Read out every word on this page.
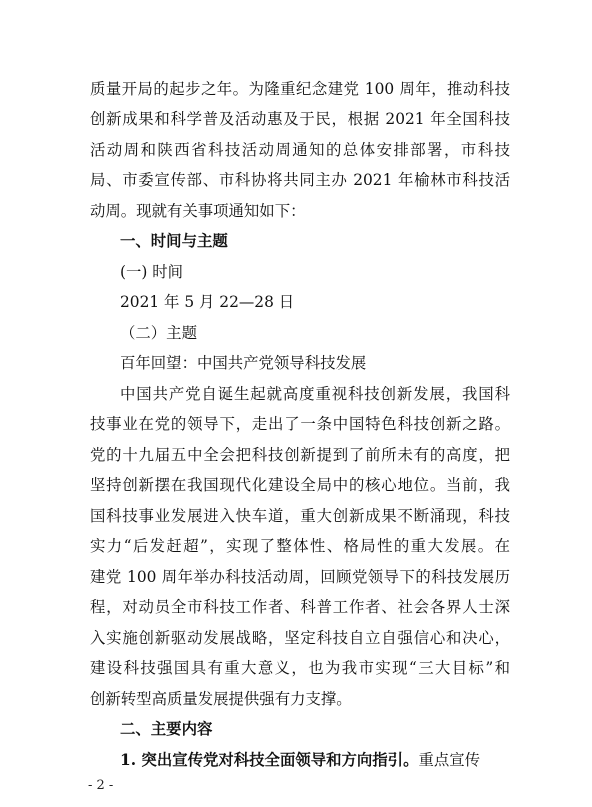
质量开局的起步之年。为隆重纪念建党 100 周年，推动科技
创新成果和科学普及活动惠及于民，根据 2021 年全国科技
活动周和陕西省科技活动周通知的总体安排部署，市科技
局、市委宣传部、市科协将共同主办 2021 年榆林市科技活
动周。现就有关事项通知如下：
一、时间与主题
(一) 时间
2021 年 5 月 22—28 日
（二）主题
百年回望：中国共产党领导科技发展
中国共产党自诞生起就高度重视科技创新发展，我国科
技事业在党的领导下，走出了一条中国特色科技创新之路。
党的十九届五中全会把科技创新提到了前所未有的高度，把
坚持创新摆在我国现代化建设全局中的核心地位。当前，我
国科技事业发展进入快车道，重大创新成果不断涌现，科技
实力“后发赶超”，实现了整体性、格局性的重大发展。在
建党 100 周年举办科技活动周，回顾党领导下的科技发展历
程，对动员全市科技工作者、科普工作者、社会各界人士深
入实施创新驱动发展战略，坚定科技自立自强信心和决心，
建设科技强国具有重大意义，也为我市实现“三大目标”和
创新转型高质量发展提供强有力支撑。
二、主要内容
1. 突出宣传党对科技全面领导和方向指引。重点宣传
- 2 -
